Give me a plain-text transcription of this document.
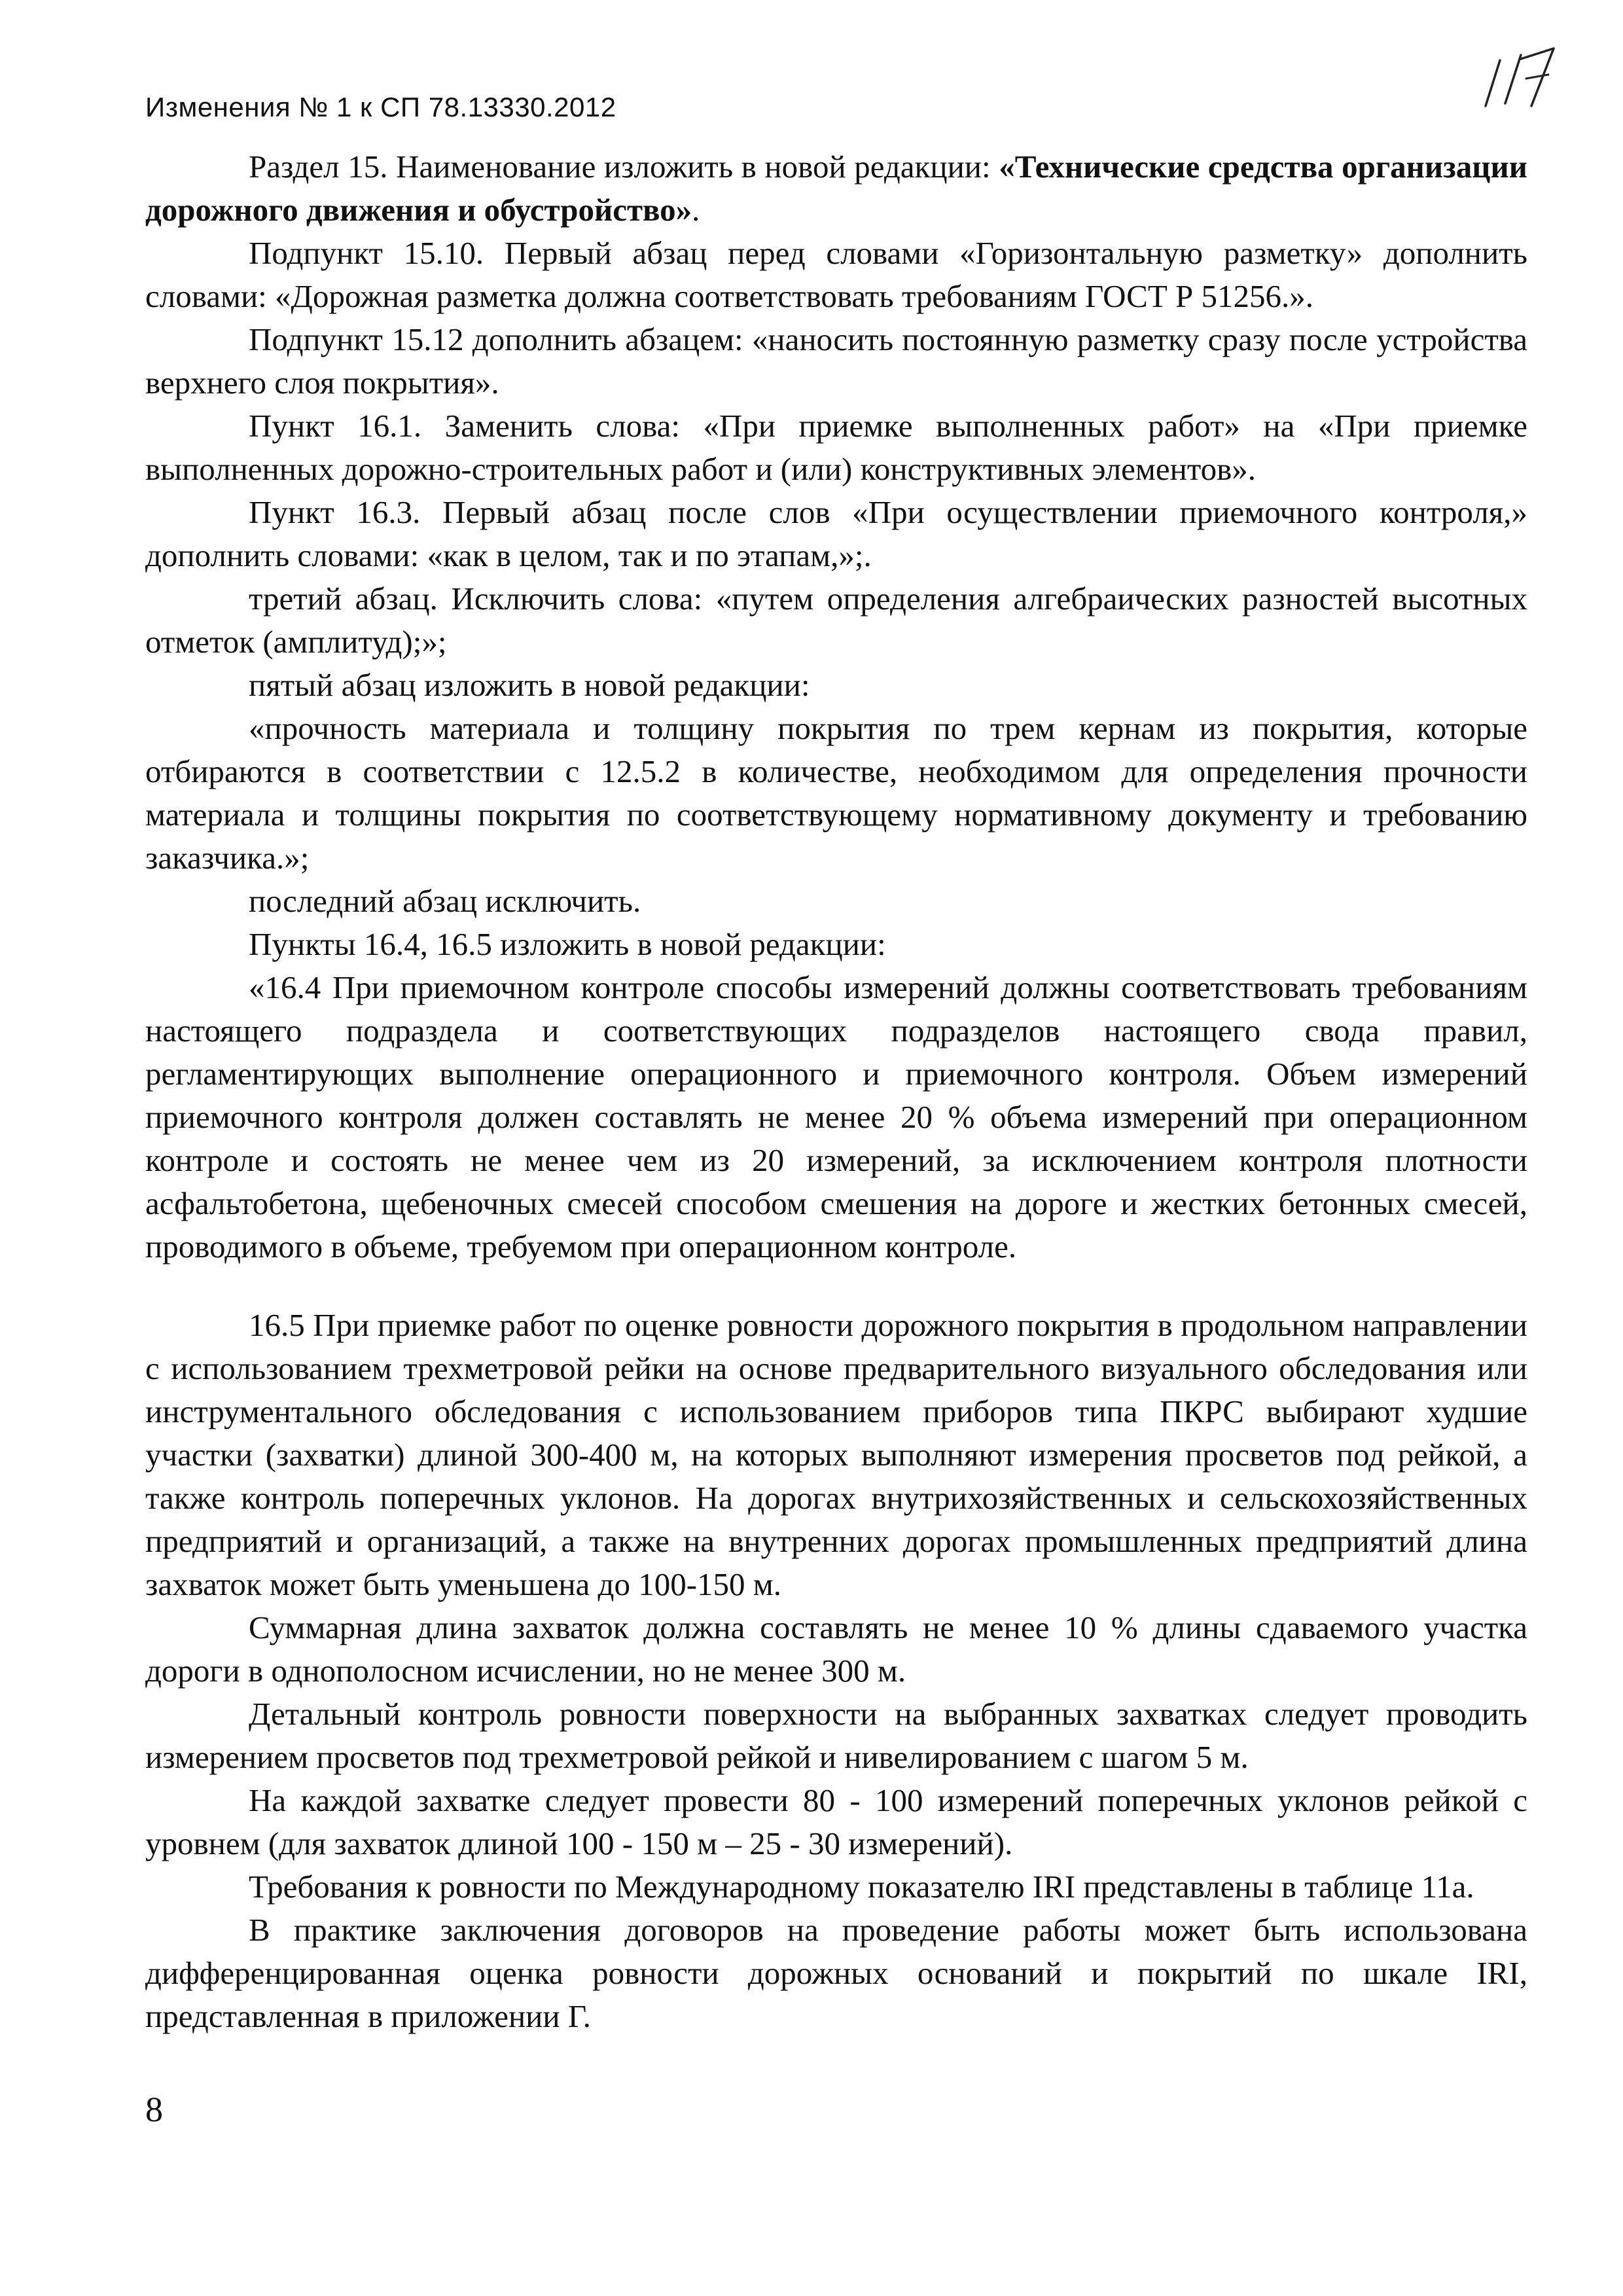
Изменения № 1 к СП 78.13330.2012

Раздел 15. Наименование изложить в новой редакции: «Технические средства организации дорожного движения и обустройство».

Подпункт 15.10. Первый абзац перед словами «Горизонтальную разметку» дополнить словами: «Дорожная разметка должна соответствовать требованиям ГОСТ Р 51256.».

Подпункт 15.12 дополнить абзацем: «наносить постоянную разметку сразу после устройства верхнего слоя покрытия».

Пункт 16.1. Заменить слова: «При приемке выполненных работ» на «При приемке выполненных дорожно-строительных работ и (или) конструктивных элементов».

Пункт 16.3. Первый абзац после слов «При осуществлении приемочного контроля,» дополнить словами: «как в целом, так и по этапам,»;.

третий абзац. Исключить слова: «путем определения алгебраических разностей высотных отметок (амплитуд);»;

пятый абзац изложить в новой редакции:

«прочность материала и толщину покрытия по трем кернам из покрытия, которые отбираются в соответствии с 12.5.2 в количестве, необходимом для определения прочности материала и толщины покрытия по соответствующему нормативному документу и требованию заказчика.»;

последний абзац исключить.

Пункты 16.4, 16.5 изложить в новой редакции:

«16.4 При приемочном контроле способы измерений должны соответствовать требованиям настоящего подраздела и соответствующих подразделов настоящего свода правил, регламентирующих выполнение операционного и приемочного контроля. Объем измерений приемочного контроля должен составлять не менее 20 % объема измерений при операционном контроле и состоять не менее чем из 20 измерений, за исключением контроля плотности асфальтобетона, щебеночных смесей способом смешения на дороге и жестких бетонных смесей, проводимого в объеме, требуемом при операционном контроле.

16.5 При приемке работ по оценке ровности дорожного покрытия в продольном направлении с использованием трехметровой рейки на основе предварительного визуального обследования или инструментального обследования с использованием приборов типа ПКРС выбирают худшие участки (захватки) длиной 300-400 м, на которых выполняют измерения просветов под рейкой, а также контроль поперечных уклонов. На дорогах внутрихозяйственных и сельскохозяйственных предприятий и организаций, а также на внутренних дорогах промышленных предприятий длина захваток может быть уменьшена до 100-150 м.

Суммарная длина захваток должна составлять не менее 10 % длины сдаваемого участка дороги в однополосном исчислении, но не менее 300 м.

Детальный контроль ровности поверхности на выбранных захватках следует проводить измерением просветов под трехметровой рейкой и нивелированием с шагом 5 м.

На каждой захватке следует провести 80 - 100 измерений поперечных уклонов рейкой с уровнем (для захваток длиной 100 - 150 м – 25 - 30 измерений).

Требования к ровности по Международному показателю IRI представлены в таблице 11а.

В практике заключения договоров на проведение работы может быть использована дифференцированная оценка ровности дорожных оснований и покрытий по шкале IRI, представленная в приложении Г.

8
